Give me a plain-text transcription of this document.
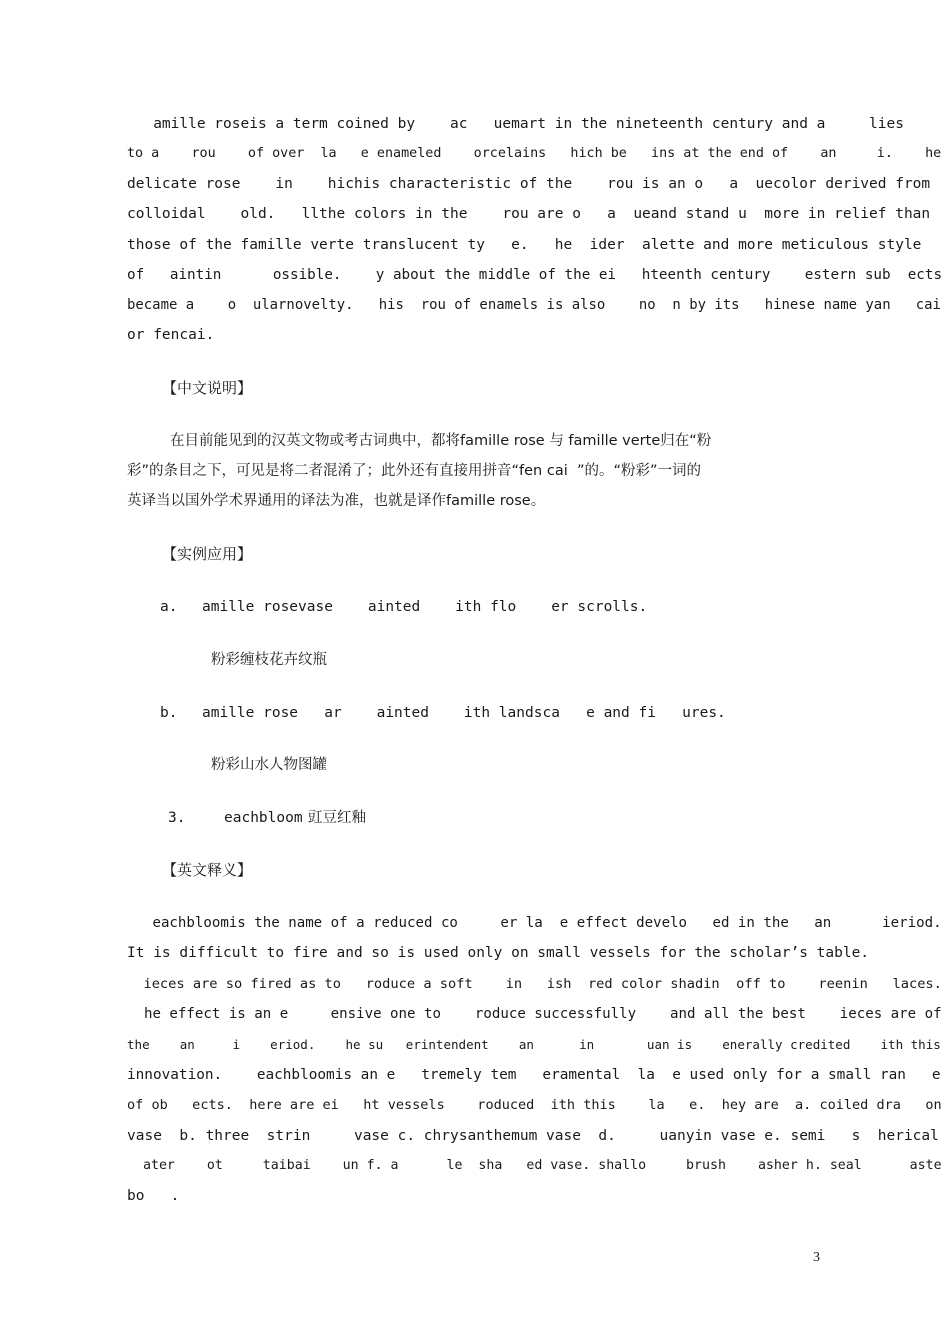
amille roseis a term coined by    ac   uemart in the nineteenth century and a     lies
to a    rou    of over  la   e enameled    orcelains   hich be   ins at the end of    an     i.    he
delicate rose    in    hichis characteristic of the    rou is an o   a  uecolor derived from
colloidal    old.   llthe colors in the    rou are o   a  ueand stand u  more in relief than
those of the famille verte translucent ty   e.   he  ider  alette and more meticulous style
of   aintin      ossible.    y about the middle of the ei   hteenth century    estern sub  ects
became a    o  ularnovelty.   his  rou of enamels is also    no  n by its   hinese name yan   cai
or fencai.
【中文说明】
在目前能见到的汉英文物或考古词典中，都将famille rose 与 famille verte归在“粉
彩”的条目之下，可见是将二者混淆了；此外还有直接用拼音“fen cai  ”的。“粉彩”一词的
英译当以国外学术界通用的译法为准，也就是译作famille rose。
【实例应用】
a. amille rosevase    ainted    ith flo    er scrolls.
粉彩缠枝花卉纹瓶
b. amille rose   ar    ainted    ith landsca   e and fi   ures.
粉彩山水人物图罐
3.	eachbloom 豇豆红釉
【英文释义】
eachbloomis the name of a reduced co     er la  e effect develo   ed in the   an      ieriod.
It is difficult to fire and so is used only on small vessels for the scholar’s table.
ieces are so fired as to   roduce a soft    in   ish  red color shadin  off to    reenin   laces.
he effect is an e     ensive one to    roduce successfully    and all the best    ieces are of
the    an     i    eriod.    he su   erintendent    an      in       uan is    enerally credited    ith this
innovation.    eachbloomis an e   tremely tem   eramental  la  e used only for a small ran   e
of ob   ects.  here are ei   ht vessels    roduced  ith this    la   e.  hey are  a. coiled dra   on
vase  b. three  strin     vase c. chrysanthemum vase  d.     uanyin vase e. semi   s  herical
ater    ot     taibai    un f. a      le  sha   ed vase. shallo     brush    asher h. seal      aste
bo   .
3
